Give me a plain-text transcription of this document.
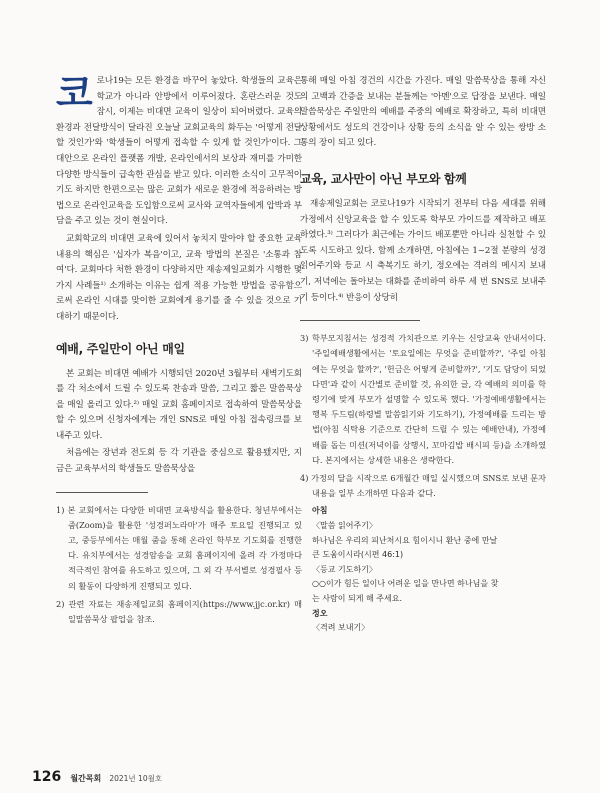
코로나19는 모든 환경을 바꾸어 놓았다. 학생들의 교육은 학교가 아니라 안방에서 이루어졌다. 혼란스러운 것도 잠시, 이제는 비대면 교육이 일상이 되어버렸다. 교육의 환경과 전달방식이 달라진 오늘날 교회교육의 화두는 '어떻게 전달할 것인가'와 '학생들이 어떻게 접속할 수 있게 할 것인가'이다. 그 대안으로 온라인 플랫폼 개발, 온라인에서의 보상과 재미를 가미한 다양한 방식들이 급속한 관심을 받고 있다. 이러한 소식이 고무적이기도 하지만 한편으로는 많은 교회가 새로운 환경에 적응하려는 방법으로 온라인교육을 도입함으로써 교사와 교역자들에게 압박과 부담을 주고 있는 것이 현실이다.

교회학교의 비대면 교육에 있어서 놓치지 말아야 할 중요한 교육 내용의 핵심은 '십자가 복음'이고, 교육 방법의 본질은 '소통과 참여'다. 교회마다 처한 환경이 다양하지만 재송제일교회가 시행한 몇 가지 사례들¹⁾ 소개하는 이유는 쉽게 적용 가능한 방법을 공유함으로써 온라인 시대를 맞이한 교회에게 용기를 줄 수 있을 것으로 기대하기 때문이다.

예배, 주일만이 아닌 매일

본 교회는 비대면 예배가 시행되던 2020년 3월부터 새벽기도회를 각 처소에서 드릴 수 있도록 찬송과 말씀, 그리고 짧은 말씀묵상을 매일 올리고 있다.²⁾ 매일 교회 홈페이지로 접속하여 말씀묵상을 할 수 있으며 신청자에게는 개인 SNS로 매일 아침 접속링크를 보내주고 있다.

처음에는 장년과 전도회 등 각 기관을 중심으로 활용됐지만, 지금은 교육부서의 학생들도 말씀묵상을

1) 본 교회에서는 다양한 비대면 교육방식을 활용한다. 청년부에서는 줌(Zoom)을 활용한 '성경퍼노라마'가 매주 토요일 진행되고 있고, 중등부에서는 매월 줌을 통해 온라인 학부모 기도회를 진행한다. 유치부에서는 성경암송을 교회 홈페이지에 올려 각 가정마다 적극적인 참여를 유도하고 있으며, 그 외 각 부서별로 성경필사 등의 활동이 다양하게 진행되고 있다.

2) 관련 자료는 재송제일교회 홈페이지(https://www.jjc.or.kr) 매일말씀묵상 팝업을 참조.

통해 매일 아침 경건의 시간을 가진다. 매일 말씀묵상을 통해 자신의 고백과 간증을 보내는 분들께는 '아멘'으로 답장을 보낸다. 매일 말씀묵상은 주일만의 예배를 주중의 예배로 확장하고, 특히 비대면 상황에서도 성도의 건강이나 상황 등의 소식을 알 수 있는 쌍방 소통의 장이 되고 있다.

교육, 교사만이 아닌 부모와 함께

재송제일교회는 코로나19가 시작되기 전부터 다음 세대를 위해 가정에서 신앙교육을 할 수 있도록 학부모 가이드를 제작하고 배포하였다.³⁾ 그러다가 최근에는 가이드 배포뿐만 아니라 실천할 수 있도록 시도하고 있다. 함께 소개하면, 아침에는 1~2절 분량의 성경 읽어주기와 등교 시 축복기도 하기, 정오에는 격려의 메시지 보내기, 저녁에는 돌아보는 대화를 준비하여 하루 세 번 SNS로 보내주기 등이다.⁴⁾ 반응이 상당히

3) 학부모지침서는 성경적 가치관으로 키우는 신앙교육 안내서이다. '주일예배생활에서는 '토요일에는 무엇을 준비할까?', '주일 아침에는 무엇을 할까?', '헌금은 어떻게 준비할까?', '기도 담당이 되었다면'과 같이 시간별로 준비할 것, 유의한 글, 각 예배의 의미를 학령기에 맞게 부모가 설명할 수 있도록 했다. '가정예배생활에서는 행복 두드림(하령별 말씀읽기와 기도하기), 가정예배를 드리는 방법(아침 식탁용 기준으로 간단히 드릴 수 있는 예배안내), 가정예배를 돕는 미션(저녁이를 상행시, 꼬마김밥 배시피 등)을 소개하였다. 본지에서는 상세한 내용은 생략한다.

4) 가정의 달을 시작으로 6개월간 매일 실시했으며 SNS로 보낸 문자내용을 일부 소개하면 다음과 같다.

아침

〈말씀 읽어주기〉

하나님은 우리의 피난처시요 힘이시니 환난 중에 만날

큰 도움이시라(시편 46:1)

〈등교 기도하기〉

○○이가 힘든 일이나 어려운 일을 만나면 하나님을 찾

는 사람이 되게 해 주세요.

정오

〈격려 보내기〉

126 월간목회 2021년 10월호
